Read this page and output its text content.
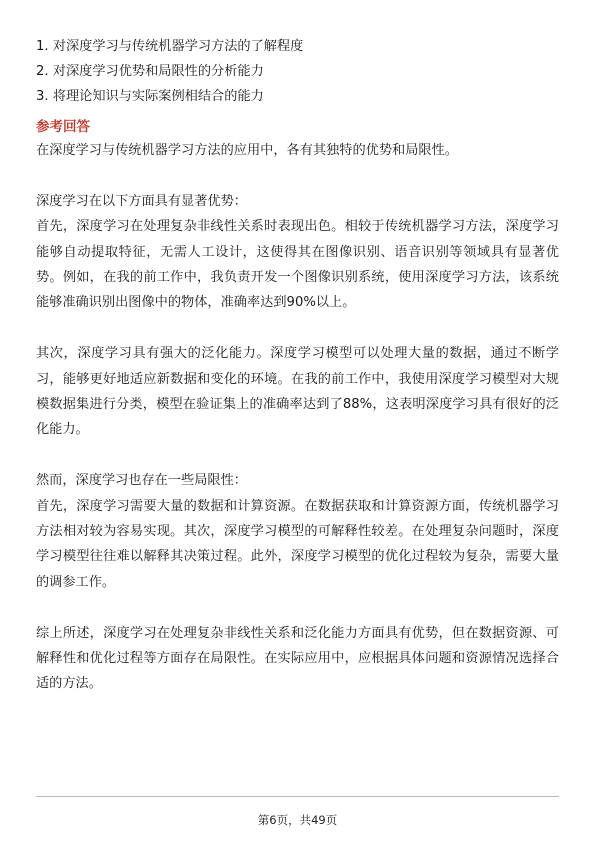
1. 对深度学习与传统机器学习方法的了解程度

2. 对深度学习优势和局限性的分析能力

3. 将理论知识与实际案例相结合的能力

参考回答

在深度学习与传统机器学习方法的应用中，各有其独特的优势和局限性。

深度学习在以下方面具有显著优势：

首先，深度学习在处理复杂非线性关系时表现出色。相较于传统机器学习方法，深度学习能够自动提取特征，无需人工设计，这使得其在图像识别、语音识别等领域具有显著优势。例如，在我的前工作中，我负责开发一个图像识别系统，使用深度学习方法，该系统能够准确识别出图像中的物体，准确率达到90%以上。

其次，深度学习具有强大的泛化能力。深度学习模型可以处理大量的数据，通过不断学习，能够更好地适应新数据和变化的环境。在我的前工作中，我使用深度学习模型对大规模数据集进行分类，模型在验证集上的准确率达到了88%，这表明深度学习具有很好的泛化能力。

然而，深度学习也存在一些局限性：

首先，深度学习需要大量的数据和计算资源。在数据获取和计算资源方面，传统机器学习方法相对较为容易实现。其次，深度学习模型的可解释性较差。在处理复杂问题时，深度学习模型往往难以解释其决策过程。此外，深度学习模型的优化过程较为复杂，需要大量的调参工作。

综上所述，深度学习在处理复杂非线性关系和泛化能力方面具有优势，但在数据资源、可解释性和优化过程等方面存在局限性。在实际应用中，应根据具体问题和资源情况选择合适的方法。

第6页，共49页
